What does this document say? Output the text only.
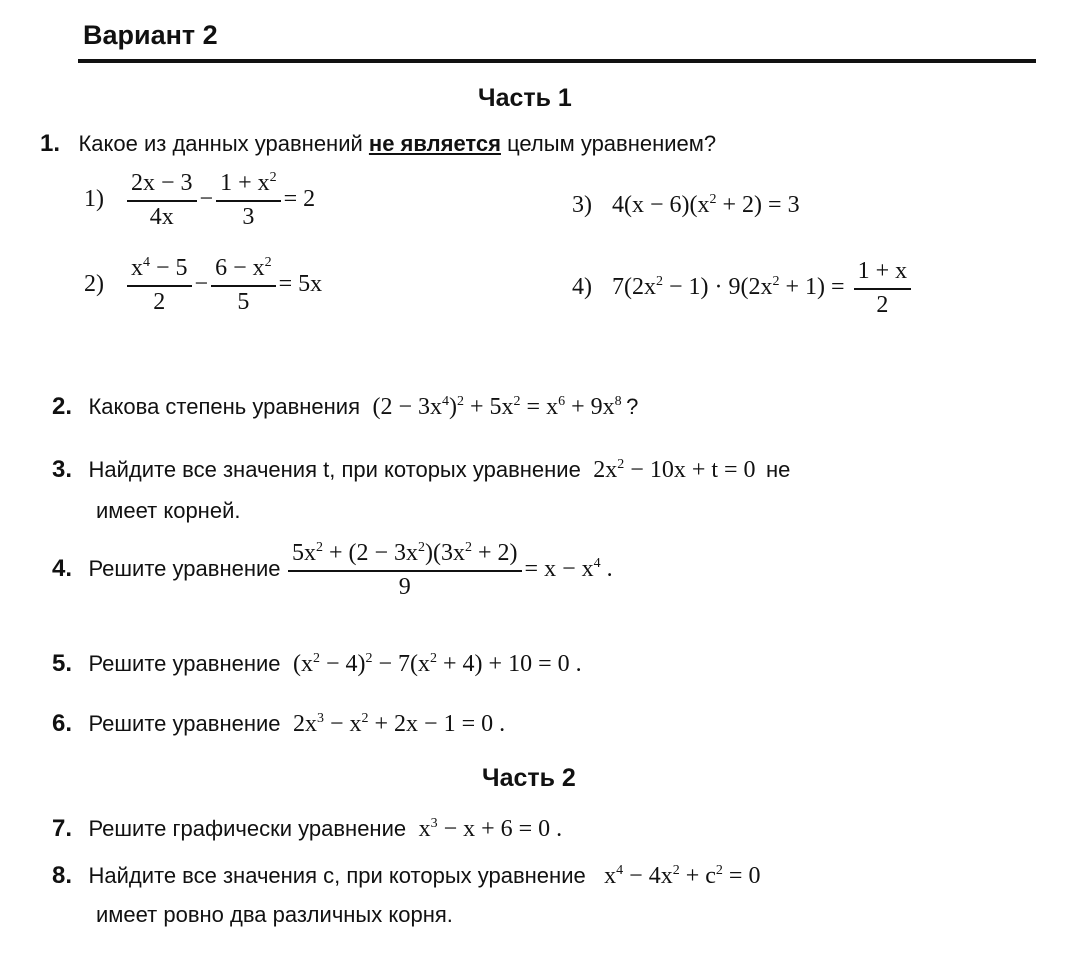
Вариант 2
Часть 1
1. Какое из данных уравнений не является целым уравнением?
$1) \frac{2x - 3}{4x} - \frac{1 + x^2}{3} = 2$	3) $4(x - 6)(x^2 + 2) = 3$
$2) \frac{x^4 - 5}{2} - \frac{6 - x^2}{5} = 5x$	4) $7(2x^2 - 1) \cdot 9(2x^2 + 1) = \frac{1 + x}{2}$
2. Какова степень уравнения $(2 - 3x^4)^2 + 5x^2 = x^6 + 9x^8$ ?
3. Найдите все значения t, при которых уравнение $2x^2 - 10x + t = 0$ не
имеет корней.
4. Решите уравнение $\frac{5x^2 + (2 - 3x^2)(3x^2 + 2)}{9} = x - x^4$ .
5. Решите уравнение $(x^2 - 4)^2 - 7(x^2 + 4) + 10 = 0$ .
6. Решите уравнение $2x^3 - x^2 + 2x - 1 = 0$ .
Часть 2
7. Решите графически уравнение $x^3 - x + 6 = 0$ .
8. Найдите все значения c, при которых уравнение $x^4 - 4x^2 + c^2 = 0$
имеет ровно два различных корня.
